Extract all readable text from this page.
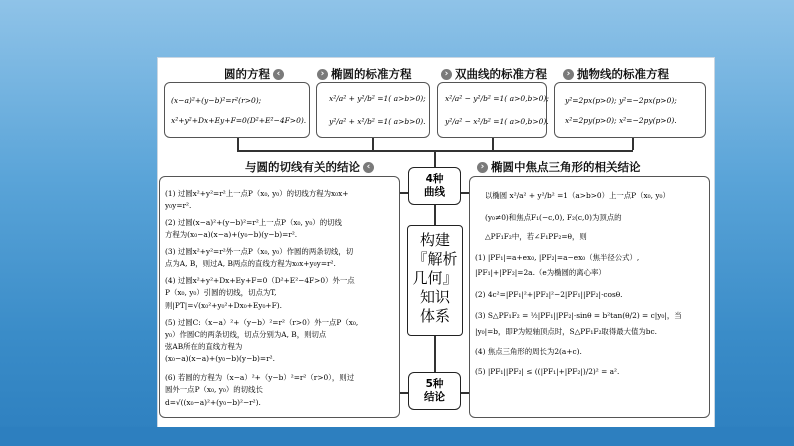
圆的方程 ‹	› 椭圆的标准方程	› 双曲线的标准方程	› 抛物线的标准方程
(x−a)²+(y−b)²=r²(r>0);
x²+y²+Dx+Ey+F=0(D²+E²−4F>0).
x²/a² + y²/b² =1( a>b>0);
y²/a² + x²/b² =1( a>b>0).
x²/a² − y²/b² =1( a>0,b>0);
y²/a² − x²/b² =1( a>0,b>0).
y²=2px(p>0); y²=−2px(p>0);
x²=2py(p>0); x²=−2py(p>0).
与圆的切线有关的结论 ‹	› 椭圆中焦点三角形的相关结论
(1) 过圆x²+y²=r²上一点P（x₀, y₀）的切线方程为x₀x+
y₀y=r².
(2) 过圆(x−a)²+(y−b)²=r²上一点P（x₀, y₀）的切线
方程为(x₀−a)(x−a)+(y₀−b)(y−b)=r².
(3) 过圆x²+y²=r²外一点P（x₀, y₀）作圆的两条切线，切
点为A, B，则过A, B两点的直线方程为x₀x+y₀y=r².
(4) 过圆x²+y²+Dx+Ey+F=0（D²+E²−4F>0）外一点
P（x₀, y₀）引圆的切线，切点为T,
则|PT|=√(x₀²+y₀²+Dx₀+Ey₀+F).
(5) 过圆C:（x−a）²+（y−b）²=r²（r>0）外一点P（x₀,
y₀）作圆C的两条切线，切点分别为A, B，则切点
弦AB所在的直线方程为
(x₀−a)(x−a)+(y₀−b)(y−b)=r².
(6) 若圆的方程为（x−a）²+（y−b）²=r²（r>0），则过
圆外一点P（x₀, y₀）的切线长
d=√((x₀−a)²+(y₀−b)²−r²).
以椭圆 x²/a² + y²/b² =1（a>b>0）上一点P（x₀, y₀）
(y₀≠0)和焦点F₁(−c,0), F₂(c,0)为顶点的
△PF₁F₂中，若∠F₁PF₂=θ，则
(1) |PF₁|=a+ex₀, |PF₂|=a−ex₀（焦半径公式）,
|PF₁|+|PF₂|=2a.（e为椭圆的离心率）
(2) 4c²=|PF₁|²+|PF₂|²−2|PF₁||PF₂|·cosθ.
(3) S△PF₁F₂ = ½|PF₁||PF₂|·sinθ = b²tan(θ/2) = c|y₀|，当
|y₀|=b，即P为短轴顶点时，S△PF₁F₂取得最大值为bc.
(4) 焦点三角形的周长为2(a+c).
(5) |PF₁||PF₂| ≤ ((|PF₁|+|PF₂|)/2)² = a².
4种
曲线
构建
『解析
几何』
知识
体系
5种
结论
